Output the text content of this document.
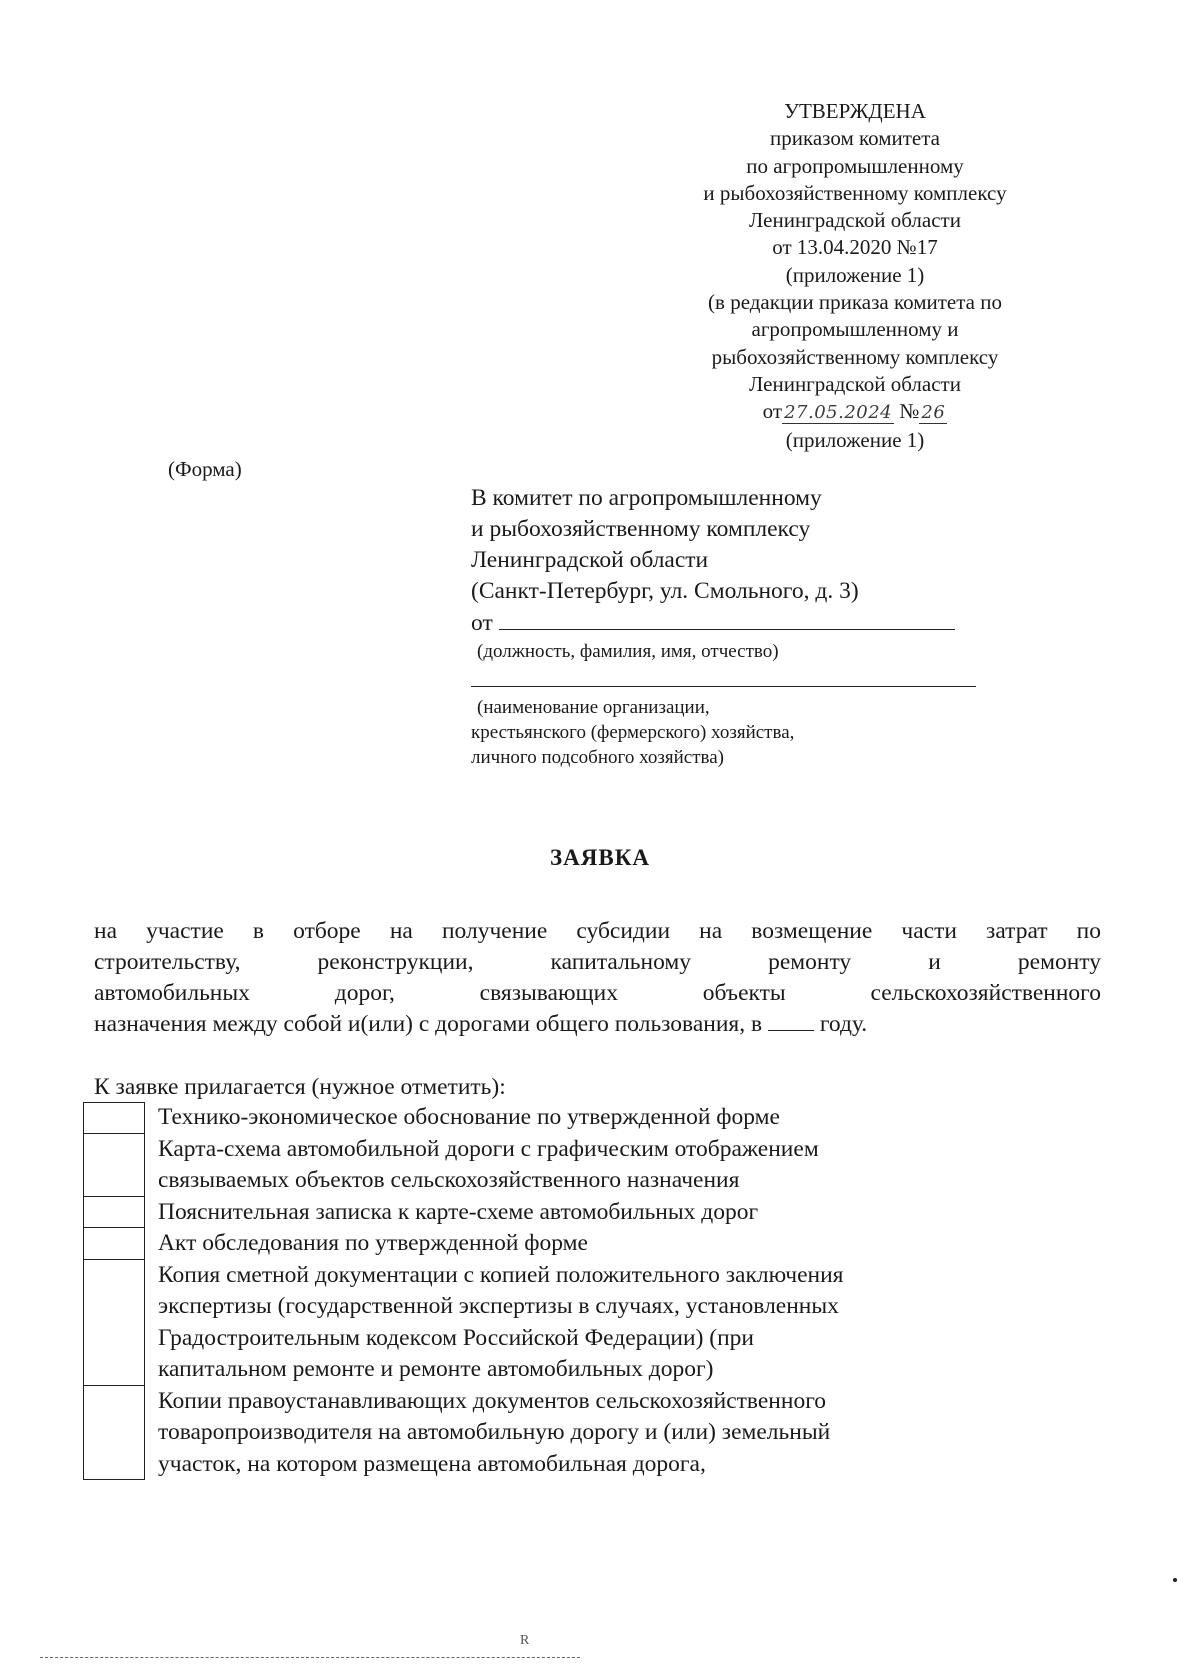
УТВЕРЖДЕНА
приказом комитета
по агропромышленному
и рыбохозяйственному комплексу
Ленинградской области
от 13.04.2020 №17
(приложение 1)
(в редакции приказа комитета по
агропромышленному и
рыбохозяйственному комплексу
Ленинградской области
от 27.05.2024 № 26
(приложение 1)
(Форма)
В комитет по агропромышленному
и рыбохозяйственному комплексу
Ленинградской области
(Санкт-Петербург, ул. Смольного, д. 3)
от
(должность, фамилия, имя, отчество)
(наименование организации,
крестьянского (фермерского) хозяйства,
личного подсобного хозяйства)
ЗАЯВКА
на участие в отборе на получение субсидии на возмещение части затрат по
строительству, реконструкции, капитальному ремонту и ремонту
автомобильных дорог, связывающих объекты сельскохозяйственного
назначения между собой и(или) с дорогами общего пользования, в году.
К заявке прилагается (нужное отметить):
Технико-экономическое обоснование по утвержденной форме
Карта-схема автомобильной дороги с графическим отображением
связываемых объектов сельскохозяйственного назначения
Пояснительная записка к карте-схеме автомобильных дорог
Акт обследования по утвержденной форме
Копия сметной документации с копией положительного заключения
экспертизы (государственной экспертизы в случаях, установленных
Градостроительным кодексом Российской Федерации) (при
капитальном ремонте и ремонте автомобильных дорог)
Копии правоустанавливающих документов сельскохозяйственного
товаропроизводителя на автомобильную дорогу и (или) земельный
участок, на котором размещена автомобильная дорога,
R
